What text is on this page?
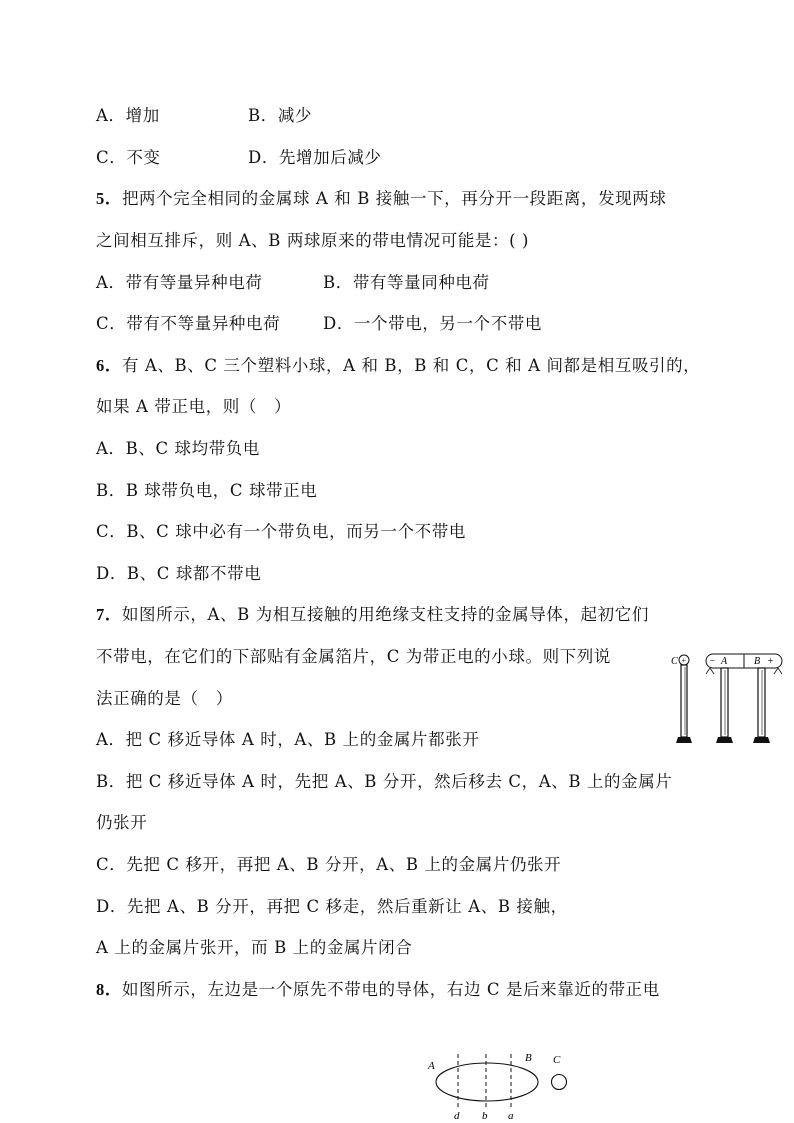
A．增加	B．减少
C．不变	D．先增加后减少
5．把两个完全相同的金属球 A 和 B 接触一下，再分开一段距离，发现两球
之间相互排斥，则 A、B 两球原来的带电情况可能是：( )
A．带有等量异种电荷	B．带有等量同种电荷
C．带有不等量异种电荷	D．一个带电，另一个不带电
6．有 A、B、C 三个塑料小球，A 和 B，B 和 C，C 和 A 间都是相互吸引的，
如果 A 带正电，则（　）
A．B、C 球均带负电
B．B 球带负电，C 球带正电
C．B、C 球中必有一个带负电，而另一个不带电
D．B、C 球都不带电
7．如图所示，A、B 为相互接触的用绝缘支柱支持的金属导体，起初它们
不带电，在它们的下部贴有金属箔片，C 为带正电的小球。则下列说
法正确的是（　）
A．把 C 移近导体 A 时，A、B 上的金属片都张开
B．把 C 移近导体 A 时，先把 A、B 分开，然后移去 C，A、B 上的金属片
仍张开
C．先把 C 移开，再把 A、B 分开，A、B 上的金属片仍张开
D．先把 A、B 分开，再把 C 移走，然后重新让 A、B 接触，
A 上的金属片张开，而 B 上的金属片闭合
C + − A	B +
8．如图所示，左边是一个原先不带电的导体，右边 C 是后来靠近的带正电
A
B C
d b a
